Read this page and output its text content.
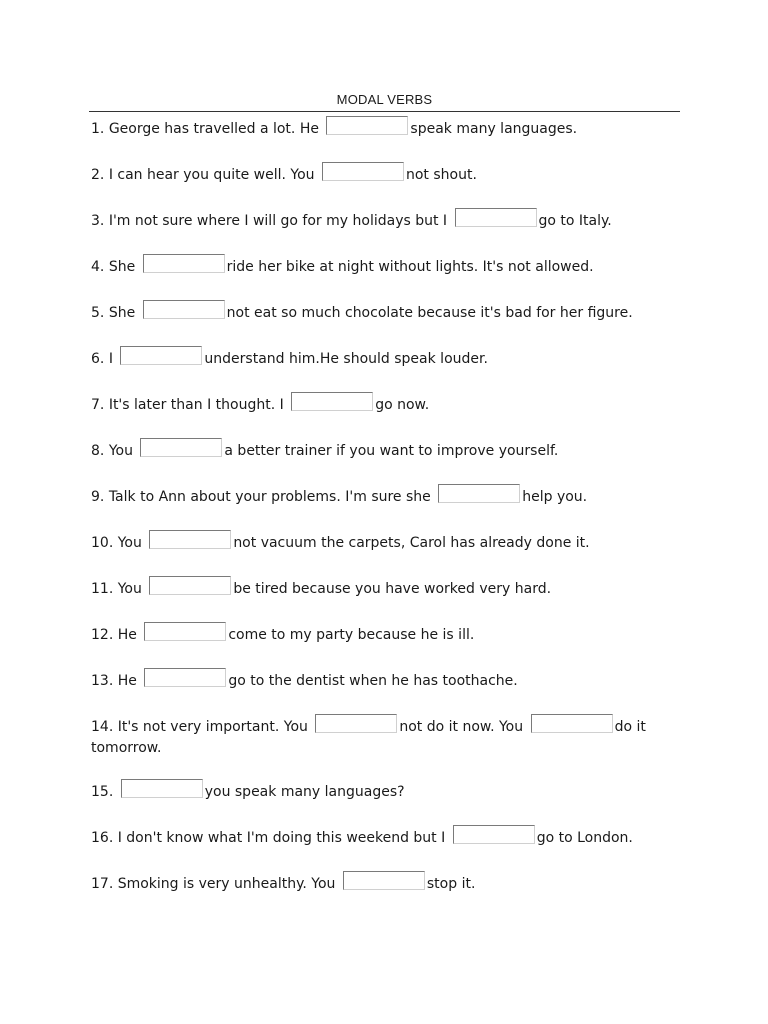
MODAL VERBS
1. George has travelled a lot. He	speak many languages.
2. I can hear you quite well. You	not shout.
3. I'm not sure where I will go for my holidays but I	go to Italy.
4. She	ride her bike at night without lights. It's not allowed.
5. She	not eat so much chocolate because it's bad for her figure.
6. I	understand him.He should speak louder.
7. It's later than I thought. I	go now.
8. You	a better trainer if you want to improve yourself.
9. Talk to Ann about your problems. I'm sure she	help you.
10. You	not vacuum the carpets, Carol has already done it.
11. You	be tired because you have worked very hard.
12. He	come to my party because he is ill.
13. He	go to the dentist when he has toothache.
14. It's not very important. You	not do it now. You	do it tomorrow.
15.	you speak many languages?
16. I don't know what I'm doing this weekend but I	go to London.
17. Smoking is very unhealthy. You	stop it.
